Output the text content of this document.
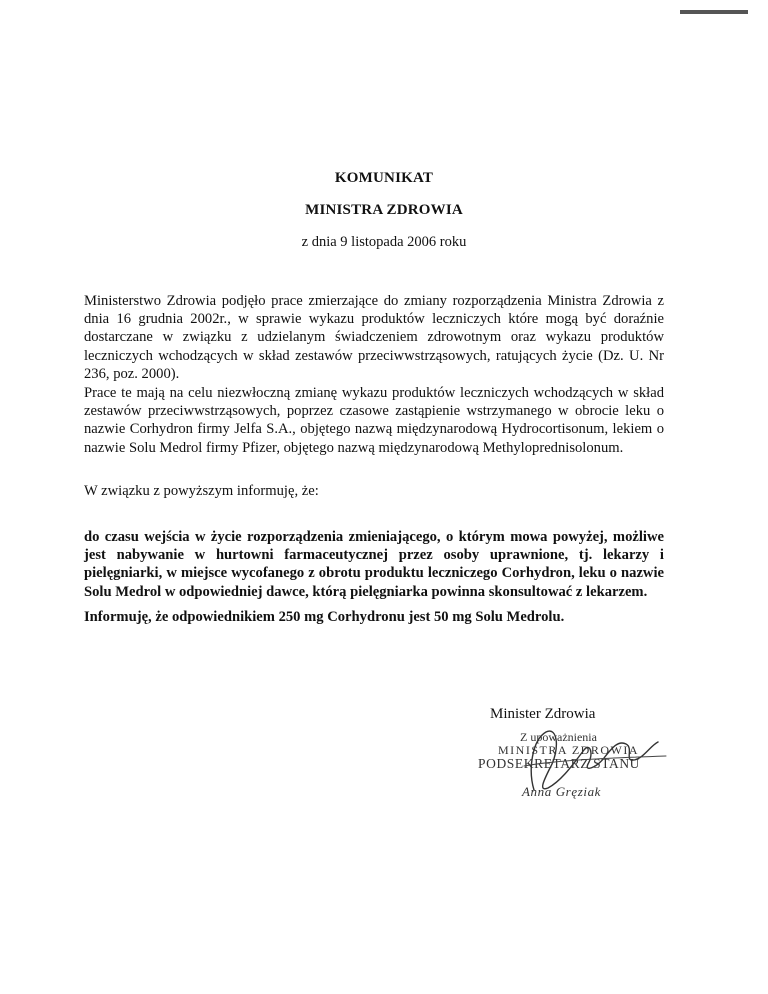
KOMUNIKAT
MINISTRA ZDROWIA
z dnia 9 listopada 2006 roku

Ministerstwo Zdrowia podjęło prace zmierzające do zmiany rozporządzenia Ministra Zdrowia z dnia 16 grudnia 2002r., w sprawie wykazu produktów leczniczych które mogą być doraźnie dostarczane w związku z udzielanym świadczeniem zdrowotnym oraz wykazu produktów leczniczych wchodzących w skład zestawów przeciwwstrząsowych, ratujących życie (Dz. U. Nr 236, poz. 2000).

Prace te mają na celu niezwłoczną zmianę wykazu produktów leczniczych wchodzących w skład zestawów przeciwwstrząsowych, poprzez czasowe zastąpienie wstrzymanego w obrocie leku o nazwie Corhydron firmy Jelfa S.A., objętego nazwą międzynarodową Hydrocortisonum, lekiem o nazwie Solu Medrol firmy Pfizer, objętego nazwą międzynarodową Methyloprednisolonum.

W związku z powyższym informuję, że:

do czasu wejścia w życie rozporządzenia zmieniającego, o którym mowa powyżej, możliwe jest nabywanie w hurtowni farmaceutycznej przez osoby uprawnione, tj. lekarzy i pielęgniarki, w miejsce wycofanego z obrotu produktu leczniczego Corhydron, leku o nazwie Solu Medrol w odpowiedniej dawce, którą pielęgniarka powinna skonsultować z lekarzem.

Informuję, że odpowiednikiem 250 mg Corhydronu jest 50 mg Solu Medrolu.

Minister Zdrowia
Z upoważnienia
MINISTRA ZDROWIA
PODSEKRETARZ STANU
Anna Gręziak
